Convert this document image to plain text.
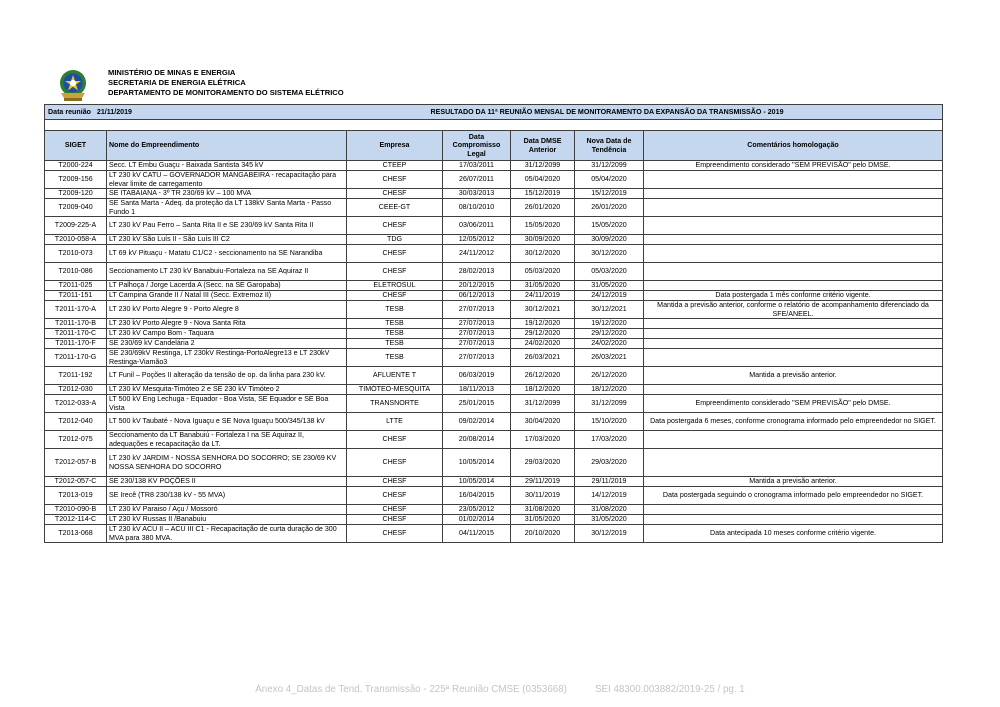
MINISTÉRIO DE MINAS E ENERGIA
SECRETARIA DE ENERGIA ELÉTRICA
DEPARTAMENTO DE MONITORAMENTO DO SISTEMA ELÉTRICO
Data reunião 21/11/2019 RESULTADO DA 11ª REUNIÃO MENSAL DE MONITORAMENTO DA EXPANSÃO DA TRANSMISSÃO - 2019						

SIGET	Nome do Empreendimento	Empresa	Data Compromisso Legal	Data DMSE Anterior	Nova Data de Tendência	Comentários homologação
T2000-224	Secc. LT Embu Guaçu - Baixada Santista 345 kV	CTEEP	17/03/2011	31/12/2099	31/12/2099	Empreendimento considerado "SEM PREVISÃO" pelo DMSE.
T2009-156	LT 230 kV CATU – GOVERNADOR MANGABEIRA - recapacitação para elevar limite de carregamento	CHESF	26/07/2011	05/04/2020	05/04/2020	
T2009-120	SE ITABAIANA - 3º TR 230/69 kV – 100 MVA	CHESF	30/03/2013	15/12/2019	15/12/2019	
T2009-040	SE Santa Marta - Adeq. da proteção da LT 138kV Santa Marta - Passo Fundo 1	CEEE-GT	08/10/2010	26/01/2020	26/01/2020	
T2009-225-A	LT 230 kV Pau Ferro – Santa Rita II e SE 230/69 kV Santa Rita II	CHESF	03/06/2011	15/05/2020	15/05/2020	
T2010-058-A	LT 230 kV São Luís II - São Luís III C2	TDG	12/05/2012	30/09/2020	30/09/2020	
T2010-073	LT 69 kV Pituaçu - Matatu C1/C2 - seccionamento na SE Narandiba	CHESF	24/11/2012	30/12/2020	30/12/2020	
T2010-086	Seccionamento LT 230 kV Banabuiu-Fortaleza na SE Aquiraz II	CHESF	28/02/2013	05/03/2020	05/03/2020	
T2011-025	LT Palhoça / Jorge Lacerda A (Secc. na SE Garopaba)	ELETROSUL	20/12/2015	31/05/2020	31/05/2020	
T2011-151	LT Campina Grande II / Natal III (Secc. Extremoz II)	CHESF	06/12/2013	24/11/2019	24/12/2019	Data postergada 1 mês conforme critério vigente.
T2011-170-A	LT 230 kV Porto Alegre 9 - Porto Alegre 8	TESB	27/07/2013	30/12/2021	30/12/2021	Mantida a previsão anterior, conforme o relatório de acompanhamento diferenciado da SFE/ANEEL.
T2011-170-B	LT 230 kV Porto Alegre 9 - Nova Santa Rita	TESB	27/07/2013	19/12/2020	19/12/2020	
T2011-170-C	LT 230 kV Campo Bom - Taquara	TESB	27/07/2013	29/12/2020	29/12/2020	
T2011-170-F	SE 230/69 kV Candelária 2	TESB	27/07/2013	24/02/2020	24/02/2020	
T2011-170-G	SE 230/69kV Restinga, LT 230kV Restinga-PortoAlegre13 e LT 230kV Restinga-Viamão3	TESB	27/07/2013	26/03/2021	26/03/2021	
T2011-192	LT Funil – Poções II alteração da tensão de op. da linha para 230 kV.	AFLUENTE T	06/03/2019	26/12/2020	26/12/2020	Mantida a previsão anterior.
T2012-030	LT 230 kV Mesquita-Timóteo 2 e SE 230 kV Timóteo 2	TIMÓTEO-MESQUITA	18/11/2013	18/12/2020	18/12/2020	
T2012-033-A	LT 500 kV Eng Lechuga - Equador - Boa Vista, SE Equador e SE Boa Vista	TRANSNORTE	25/01/2015	31/12/2099	31/12/2099	Empreendimento considerado "SEM PREVISÃO" pelo DMSE.
T2012-040	LT 500 kV Taubaté - Nova Iguaçu e SE Nova Iguaçu 500/345/138 kV	LTTE	09/02/2014	30/04/2020	15/10/2020	Data postergada 6 meses, conforme cronograma informado pelo empreendedor no SIGET.
T2012-075	Seccionamento da LT Banabuiú - Fortaleza I na SE Aquiraz II, adequações e recapacitação da LT.	CHESF	20/08/2014	17/03/2020	17/03/2020	
T2012-057-B	LT 230 kV JARDIM - NOSSA SENHORA DO SOCORRO; SE 230/69 KV NOSSA SENHORA DO SOCORRO	CHESF	10/05/2014	29/03/2020	29/03/2020	
T2012-057-C	SE 230/138 KV POÇÕES II	CHESF	10/05/2014	29/11/2019	29/11/2019	Mantida a previsão anterior.
T2013-019	SE Irecê (TR8 230/138 kV - 55 MVA)	CHESF	16/04/2015	30/11/2019	14/12/2019	Data postergada seguindo o cronograma informado pelo empreendedor no SIGET.
T2010-090-B	LT 230 kV Paraiso / Açu / Mossoró	CHESF	23/05/2012	31/08/2020	31/08/2020	
T2012-114-C	LT 230 kV Russas II /Banabuiu	CHESF	01/02/2014	31/05/2020	31/05/2020	
T2013-068	LT 230 kV ACU II – ACU III C1 - Recapacitação de curta duração de 300 MVA para 380 MVA.	CHESF	04/11/2015	20/10/2020	30/12/2019	Data antecipada 10 meses conforme critério vigente.
Anexo 4_Datas de Tend. Transmissão - 225ª Reunião CMSE (0353668)	SEI 48300.003882/2019-25 / pg. 1
